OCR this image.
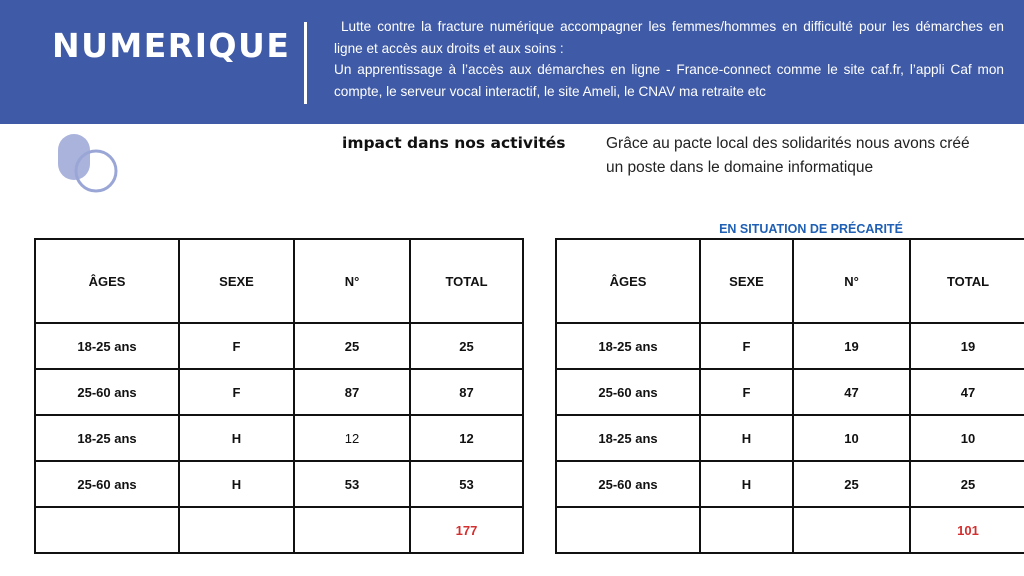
NUMERIQUE	Lutte contre la fracture numérique accompagner les femmes/hommes en difficulté pour les démarches en ligne et accès aux droits et aux soins :

Un apprentissage à l’accès aux démarches en ligne - France-connect comme le site caf.fr, l’appli Caf mon compte, le serveur vocal interactif, le site Ameli, le CNAV ma retraite etc

impact dans nos activités	Grâce au pacte local des solidarités nous avons créé un poste dans le domaine informatique
EN SITUATION DE PRÉCARITÉ
ÂGES	SEXE	N°	TOTAL
18-25 ans	F	25	25
25-60 ans	F	87	87
18-25 ans	H	12	12
25-60 ans	H	53	53
			177
ÂGES	SEXE	N°	TOTAL
18-25 ans	F	19	19
25-60 ans	F	47	47
18-25 ans	H	10	10
25-60 ans	H	25	25
			101
